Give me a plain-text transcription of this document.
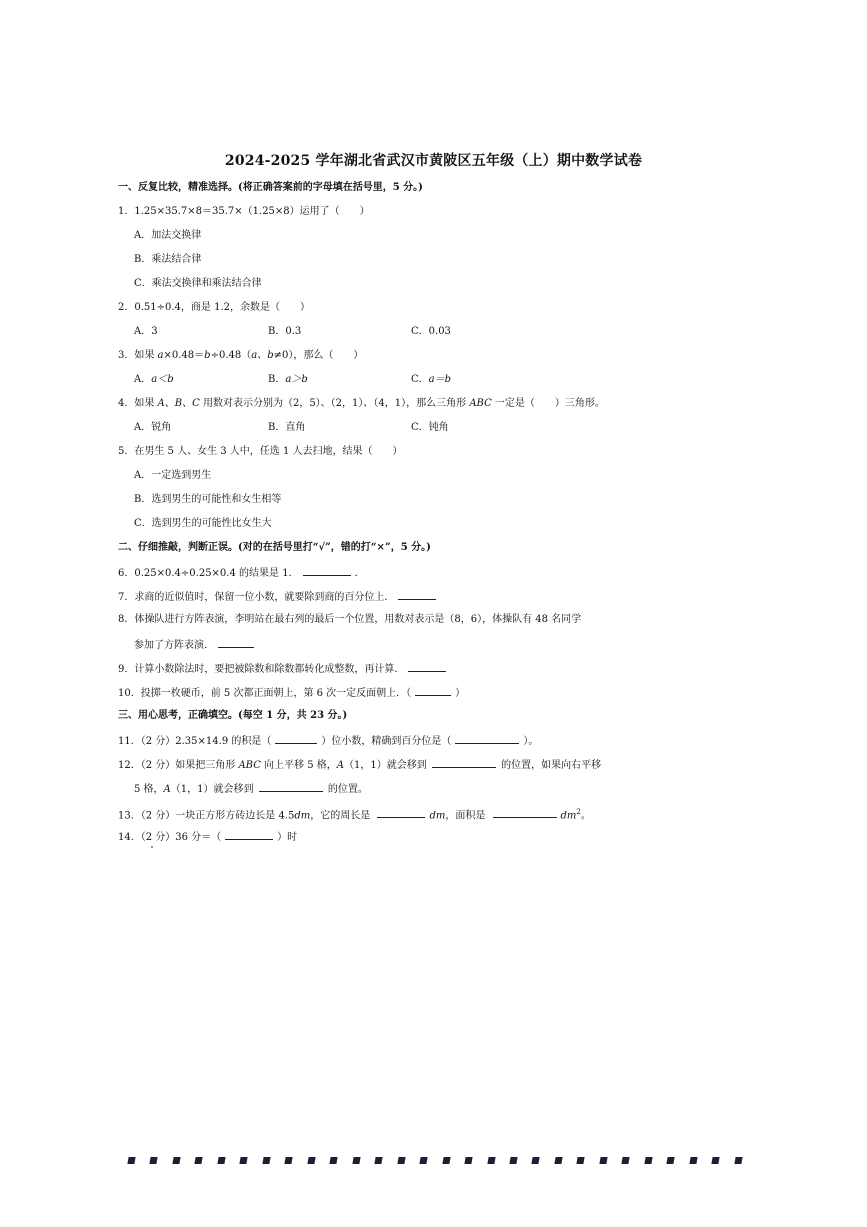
2024-2025 学年湖北省武汉市黄陂区五年级（上）期中数学试卷
一、反复比较，精准选择。(将正确答案前的字母填在括号里，5 分。)
1．1.25×35.7×8＝35.7×（1.25×8）运用了（　　）
A．加法交换律
B．乘法结合律
C．乘法交换律和乘法结合律
2．0.51÷0.4，商是 1.2，余数是（　　）
A．3	B．0.3	C．0.03
3．如果 a×0.48＝b÷0.48（a、b≠0），那么（　　）
A．a＜b	B．a＞b	C．a＝b
4．如果 A、B、C 用数对表示分别为（2，5）、（2，1）、（4，1），那么三角形 ABC 一定是（　　）三角形。
A．锐角	B．直角	C．钝角
5．在男生 5 人、女生 3 人中，任选 1 人去扫地，结果（　　）
A．一定选到男生
B．选到男生的可能性和女生相等
C．选到男生的可能性比女生大
二、仔细推敲，判断正误。(对的在括号里打“√”，错的打“×”，5 分。)
6．0.25×0.4÷0.25×0.4 的结果是 1．	．
7．求商的近似值时，保留一位小数，就要除到商的百分位上．
8．体操队进行方阵表演，李明站在最右列的最后一个位置，用数对表示是（8，6），体操队有 48 名同学
参加了方阵表演．
9．计算小数除法时，要把被除数和除数都转化成整数，再计算．
10．投掷一枚硬币，前 5 次都正面朝上，第 6 次一定反面朝上．（	）
三、用心思考，正确填空。(每空 1 分，共 23 分。)
11．（2 分）2.35×14.9 的积是（	）位小数，精确到百分位是（	）。
12．（2 分）如果把三角形 ABC 向上平移 5 格，A（1，1）就会移到	的位置，如果向右平移
5 格，A（1，1）就会移到	的位置。
13．（2 分）一块正方形方砖边长是 4.5dm，它的周长是	dm，面积是	$dm^2$。
14．（2 分）36 分＝（	）时
